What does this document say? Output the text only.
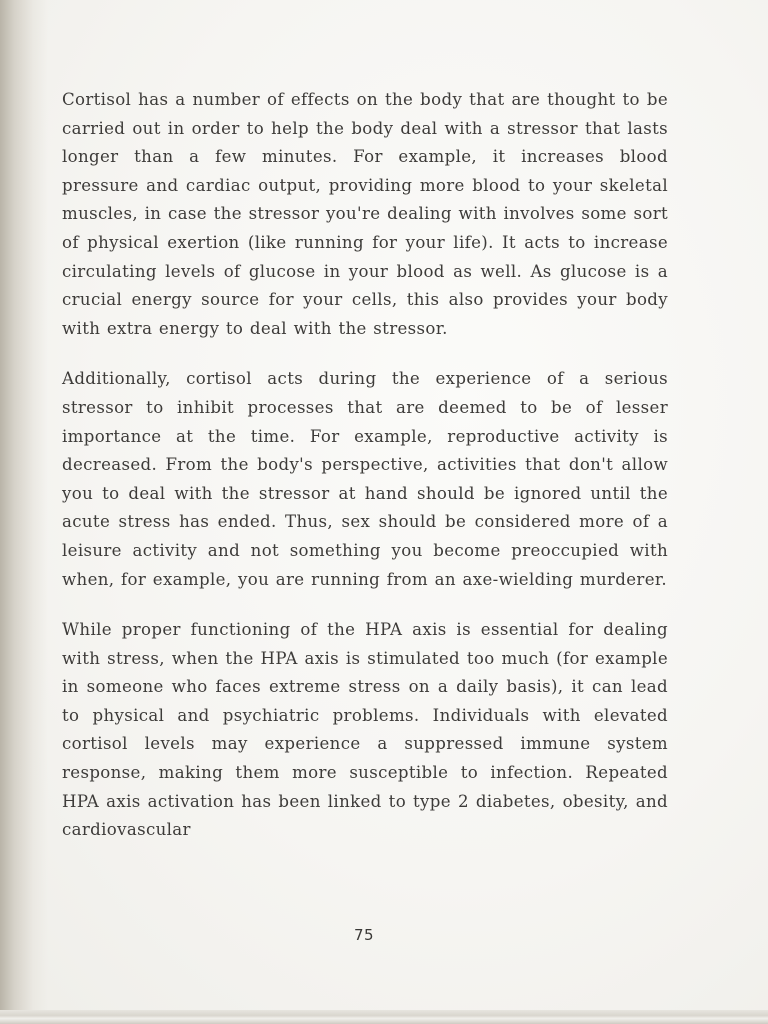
Cortisol has a number of effects on the body that are thought to be carried out in order to help the body deal with a stressor that lasts longer than a few minutes. For example, it increases blood pressure and cardiac output, providing more blood to your skeletal muscles, in case the stressor you're dealing with involves some sort of physical exertion (like running for your life). It acts to increase circulating levels of glucose in your blood as well. As glucose is a crucial energy source for your cells, this also provides your body with extra energy to deal with the stressor.

Additionally, cortisol acts during the experience of a serious stressor to inhibit processes that are deemed to be of lesser importance at the time. For example, reproductive activity is decreased. From the body's perspective, activities that don't allow you to deal with the stressor at hand should be ignored until the acute stress has ended. Thus, sex should be considered more of a leisure activity and not something you become preoccupied with when, for example, you are running from an axe-wielding murderer.

While proper functioning of the HPA axis is essential for dealing with stress, when the HPA axis is stimulated too much (for example in someone who faces extreme stress on a daily basis), it can lead to physical and psychiatric problems. Individuals with elevated cortisol levels may experience a suppressed immune system response, making them more susceptible to infection. Repeated HPA axis activation has been linked to type 2 diabetes, obesity, and cardiovascular

75
